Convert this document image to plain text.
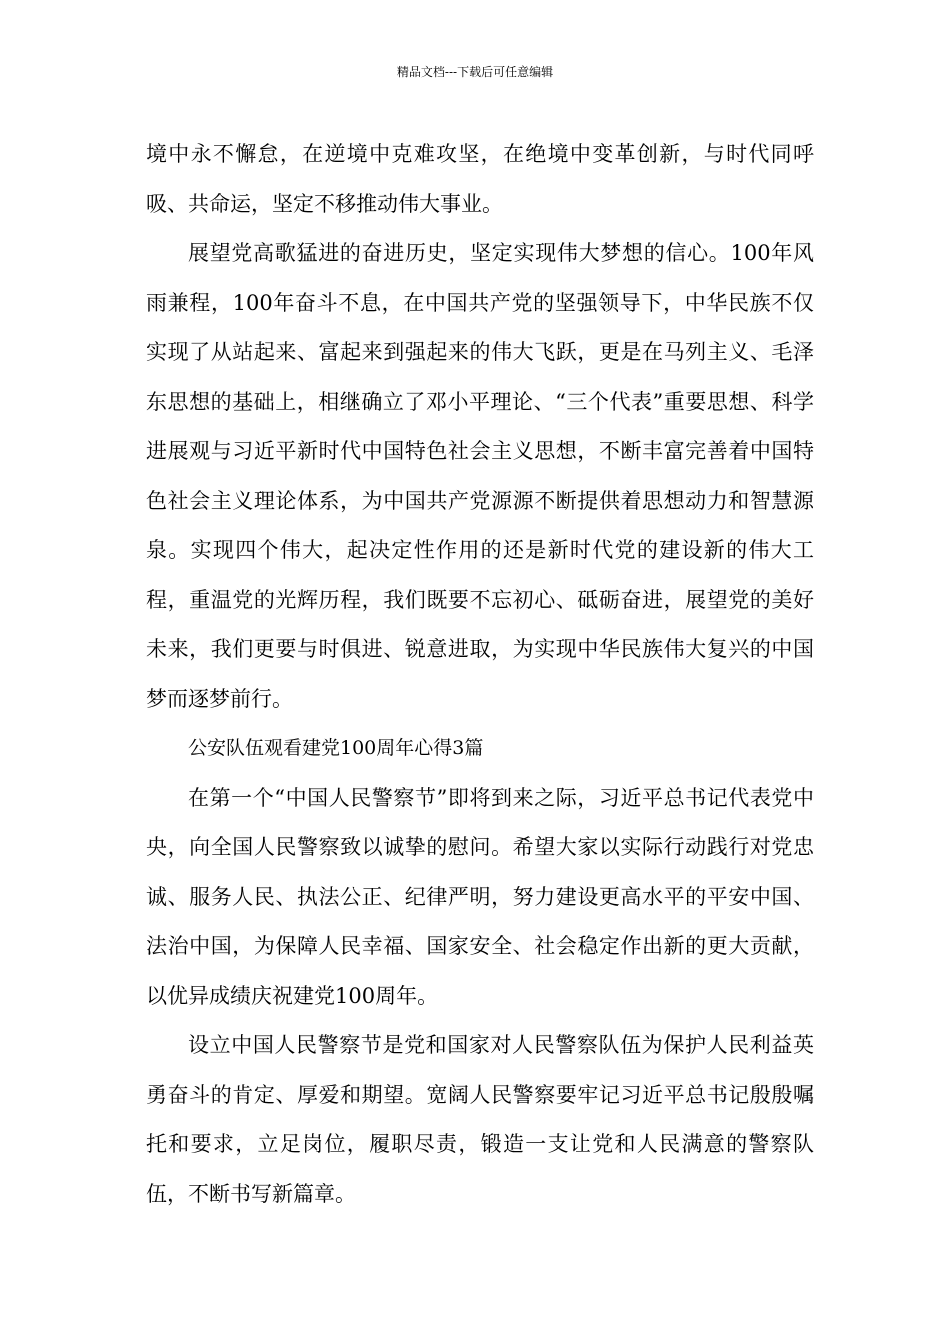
精品文档---下载后可任意编辑

境中永不懈怠，在逆境中克难攻坚，在绝境中变革创新，与时代同呼吸、共命运，坚定不移推动伟大事业。

展望党高歌猛进的奋进历史，坚定实现伟大梦想的信心。100年风雨兼程，100年奋斗不息，在中国共产党的坚强领导下，中华民族不仅实现了从站起来、富起来到强起来的伟大飞跃，更是在马列主义、毛泽东思想的基础上，相继确立了邓小平理论、“三个代表”重要思想、科学进展观与习近平新时代中国特色社会主义思想，不断丰富完善着中国特色社会主义理论体系，为中国共产党源源不断提供着思想动力和智慧源泉。实现四个伟大，起决定性作用的还是新时代党的建设新的伟大工程，重温党的光辉历程，我们既要不忘初心、砥砺奋进，展望党的美好未来，我们更要与时俱进、锐意进取，为实现中华民族伟大复兴的中国梦而逐梦前行。

公安队伍观看建党100周年心得3篇

在第一个“中国人民警察节”即将到来之际，习近平总书记代表党中央，向全国人民警察致以诚挚的慰问。希望大家以实际行动践行对党忠诚、服务人民、执法公正、纪律严明，努力建设更高水平的平安中国、法治中国，为保障人民幸福、国家安全、社会稳定作出新的更大贡献，以优异成绩庆祝建党100周年。

设立中国人民警察节是党和国家对人民警察队伍为保护人民利益英勇奋斗的肯定、厚爱和期望。宽阔人民警察要牢记习近平总书记殷殷嘱托和要求，立足岗位，履职尽责，锻造一支让党和人民满意的警察队伍，不断书写新篇章。
